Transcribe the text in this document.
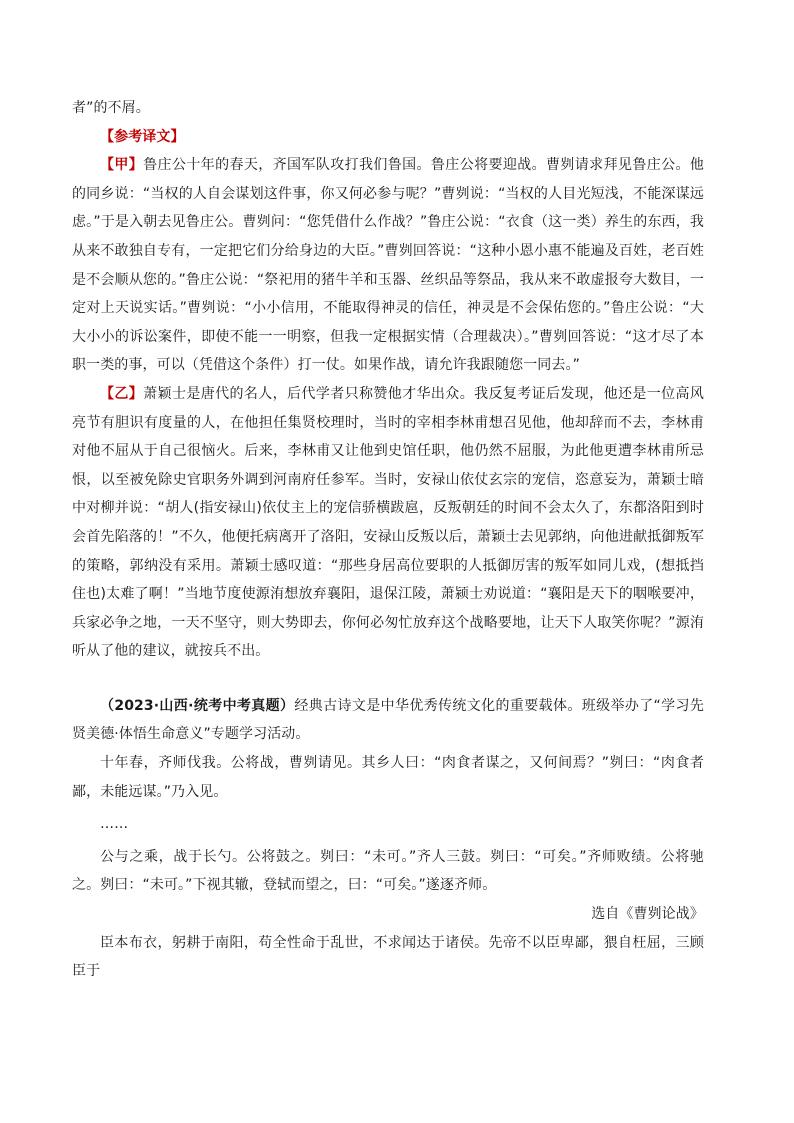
者”的不屑。

【参考译文】

【甲】鲁庄公十年的春天，齐国军队攻打我们鲁国。鲁庄公将要迎战。曹刿请求拜见鲁庄公。他的同乡说：“当权的人自会谋划这件事，你又何必参与呢？”曹刿说：“当权的人目光短浅，不能深谋远虑。”于是入朝去见鲁庄公。曹刿问：“您凭借什么作战？”鲁庄公说：“衣食（这一类）养生的东西，我从来不敢独自专有，一定把它们分给身边的大臣。”曹刿回答说：“这种小恩小惠不能遍及百姓，老百姓是不会顺从您的。”鲁庄公说：“祭祀用的猪牛羊和玉器、丝织品等祭品，我从来不敢虚报夸大数目，一定对上天说实话。”曹刿说：“小小信用，不能取得神灵的信任，神灵是不会保佑您的。”鲁庄公说：“大大小小的诉讼案件，即使不能一一明察，但我一定根据实情（合理裁决）。”曹刿回答说：“这才尽了本职一类的事，可以（凭借这个条件）打一仗。如果作战，请允许我跟随您一同去。”

【乙】萧颖士是唐代的名人，后代学者只称赞他才华出众。我反复考证后发现，他还是一位高风亮节有胆识有度量的人，在他担任集贤校理时，当时的宰相李林甫想召见他，他却辞而不去，李林甫对他不屈从于自己很恼火。后来，李林甫又让他到史馆任职，他仍然不屈服，为此他更遭李林甫所忌恨，以至被免除史官职务外调到河南府任参军。当时，安禄山依仗玄宗的宠信，恣意妄为，萧颖士暗中对柳并说：“胡人(指安禄山)依仗主上的宠信骄横跋扈，反叛朝廷的时间不会太久了，东都洛阳到时会首先陷落的！”不久，他便托病离开了洛阳，安禄山反叛以后，萧颖士去见郭纳，向他进献抵御叛军的策略，郭纳没有采用。萧颖士感叹道：“那些身居高位要职的人抵御厉害的叛军如同儿戏，(想抵挡住也)太难了啊！”当地节度使源洧想放弃襄阳，退保江陵，萧颍士劝说道：“襄阳是天下的咽喉要冲，兵家必争之地，一天不坚守，则大势即去，你何必匆忙放弃这个战略要地，让天下人取笑你呢？”源洧听从了他的建议，就按兵不出。

（2023·山西·统考中考真题）经典古诗文是中华优秀传统文化的重要载体。班级举办了“学习先贤美德·体悟生命意义”专题学习活动。

十年春，齐师伐我。公将战，曹刿请见。其乡人曰：“肉食者谋之，又何间焉？”刿曰：“肉食者鄙，未能远谋。”乃入见。

……

公与之乘，战于长勺。公将鼓之。刿曰：“未可。”齐人三鼓。刿曰：“可矣。”齐师败绩。公将驰之。刿曰：“未可。”下视其辙，登轼而望之，曰：“可矣。”遂逐齐师。

选自《曹刿论战》

臣本布衣，躬耕于南阳，苟全性命于乱世，不求闻达于诸侯。先帝不以臣卑鄙，猥自枉屈，三顾臣于
